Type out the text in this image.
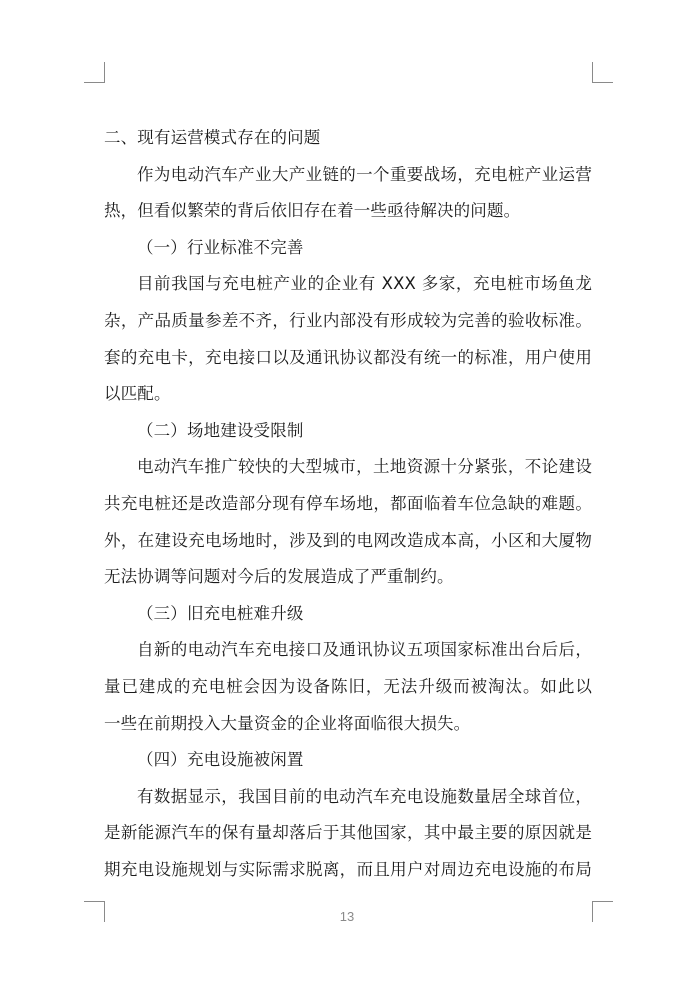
二、现有运营模式存在的问题
作为电动汽车产业大产业链的一个重要战场，充电桩产业运营
热，但看似繁荣的背后依旧存在着一些亟待解决的问题。
（一）行业标准不完善
目前我国与充电桩产业的企业有 XXX 多家，充电桩市场鱼龙
杂，产品质量参差不齐，行业内部没有形成较为完善的验收标准。
套的充电卡，充电接口以及通讯协议都没有统一的标准，用户使用
以匹配。
（二）场地建设受限制
电动汽车推广较快的大型城市，土地资源十分紧张，不论建设
共充电桩还是改造部分现有停车场地，都面临着车位急缺的难题。
外，在建设充电场地时，涉及到的电网改造成本高，小区和大厦物
无法协调等问题对今后的发展造成了严重制约。
（三）旧充电桩难升级
自新的电动汽车充电接口及通讯协议五项国家标准出台后后，
量已建成的充电桩会因为设备陈旧，无法升级而被淘汰。如此以
一些在前期投入大量资金的企业将面临很大损失。
（四）充电设施被闲置
有数据显示，我国目前的电动汽车充电设施数量居全球首位，
是新能源汽车的保有量却落后于其他国家，其中最主要的原因就是
期充电设施规划与实际需求脱离，而且用户对周边充电设施的布局
13
